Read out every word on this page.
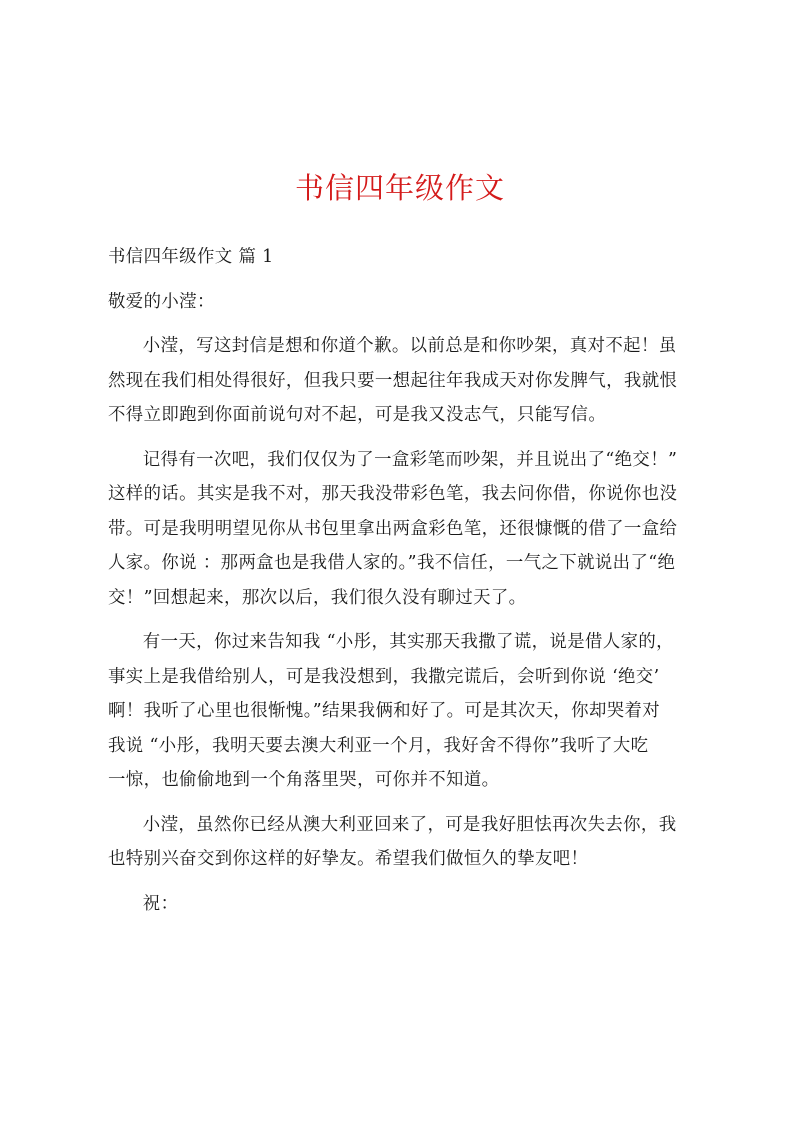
书信四年级作文
书信四年级作文 篇 1
敬爱的小滢：
小滢，写这封信是想和你道个歉。以前总是和你吵架，真对不起！虽
然现在我们相处得很好，但我只要一想起往年我成天对你发脾气，我就恨
不得立即跑到你面前说句对不起，可是我又没志气，只能写信。
记得有一次吧，我们仅仅为了一盒彩笔而吵架，并且说出了“绝交！”
这样的话。其实是我不对，那天我没带彩色笔，我去问你借，你说你也没
带。可是我明明望见你从书包里拿出两盒彩色笔，还很慷慨的借了一盒给
人家。你说 ：那两盒也是我借人家的。”我不信任，一气之下就说出了“绝
交！”回想起来，那次以后，我们很久没有聊过天了。
有一天，你过来告知我 “小彤，其实那天我撒了谎，说是借人家的，
事实上是我借给别人，可是我没想到，我撒完谎后，会听到你说 ‘绝交’
啊！我听了心里也很惭愧。”结果我俩和好了。可是其次天，你却哭着对
我说 “小彤，我明天要去澳大利亚一个月，我好舍不得你”我听了大吃
一惊，也偷偷地到一个角落里哭，可你并不知道。
小滢，虽然你已经从澳大利亚回来了，可是我好胆怯再次失去你，我
也特别兴奋交到你这样的好挚友。希望我们做恒久的挚友吧！
祝：
